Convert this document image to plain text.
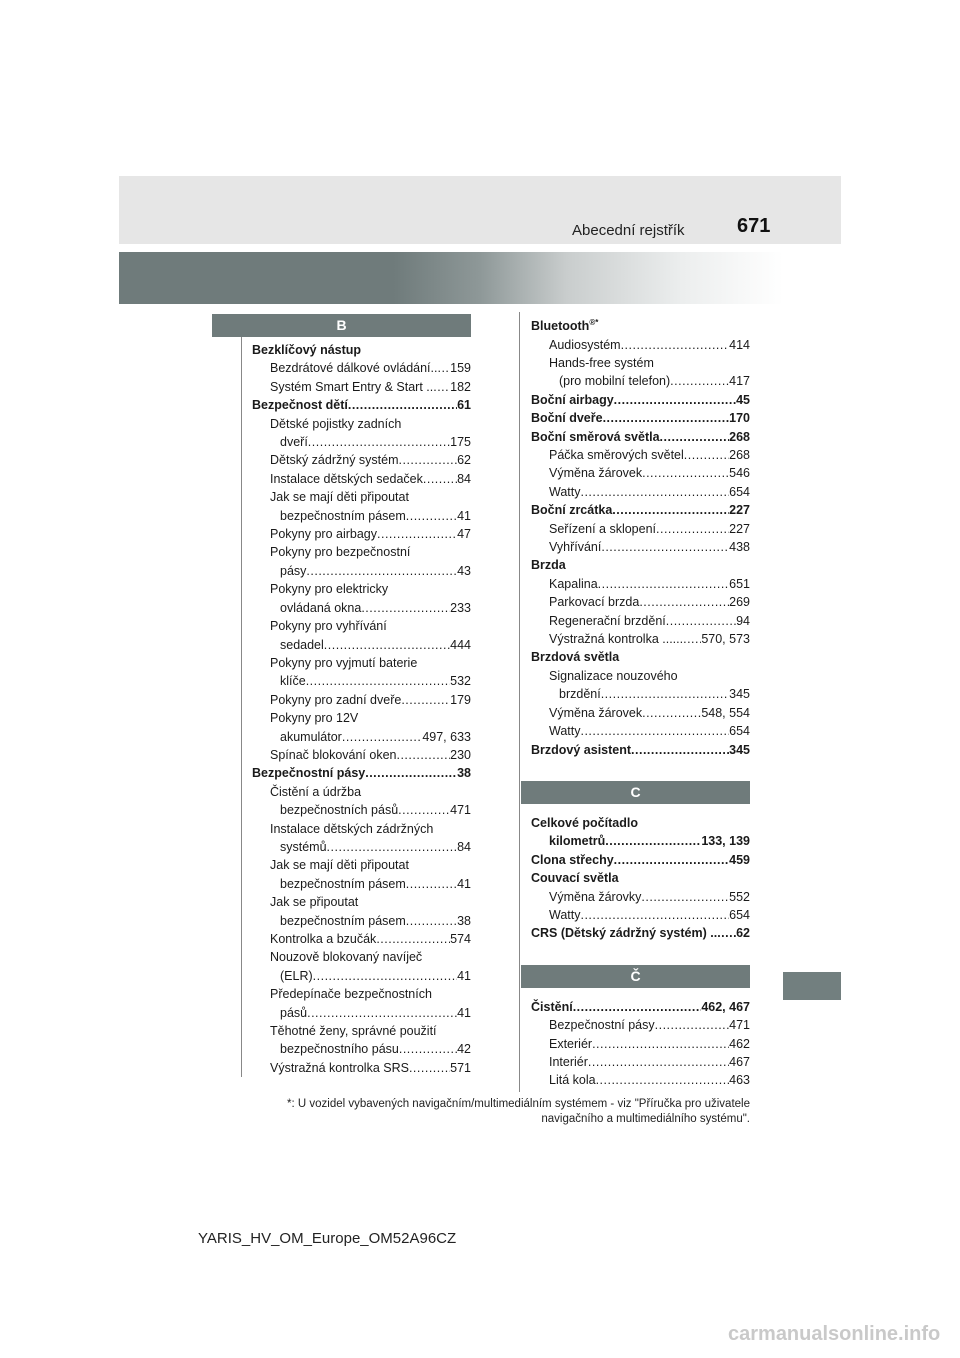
Abecední rejstřík	671
B
Bezklíčový nástup
Bezdrátové dálkové ovládání.. ..... 159
Systém Smart Entry & Start .. ..... 182
Bezpečnost dětí .....	61
Dětské pojistky zadních
dveří .....	175
Dětský zádržný systém .....	62
Instalace dětských sedaček .....	84
Jak se mají děti připoutat
bezpečnostním pásem .....	41
Pokyny pro airbagy .....	47
Pokyny pro bezpečnostní
pásy .....	43
Pokyny pro elektricky
ovládaná okna .....	233
Pokyny pro vyhřívání
sedadel .....	444
Pokyny pro vyjmutí baterie
klíče .....	532
Pokyny pro zadní dveře .....	179
Pokyny pro 12V
akumulátor .....	497, 633
Spínač blokování oken .....	230
Bezpečnostní pásy .....	38
Čistění a údržba
bezpečnostních pásů .....	471
Instalace dětských zádržných
systémů .....	84
Jak se mají děti připoutat
bezpečnostním pásem .....	41
Jak se připoutat
bezpečnostním pásem .....	38
Kontrolka a bzučák .....	574
Nouzově blokovaný navíječ
(ELR) .....	41
Předepínače bezpečnostních
pásů .....	41
Těhotné ženy, správné použití
bezpečnostního pásu .....	42
Výstražná kontrolka SRS .....	571
Bluetooth®*
Audiosystém .....	414
Hands-free systém
(pro mobilní telefon) .....	417
Boční airbagy .....	45
Boční dveře .....	170
Boční směrová světla .....	268
Páčka směrových světel .....	268
Výměna žárovek .....	546
Watty .....	654
Boční zrcátka .....	227
Seřízení a sklopení .....	227
Vyhřívání .....	438
Brzda
Kapalina .....	651
Parkovací brzda .....	269
Regenerační brzdění .....	94
Výstražná kontrolka ...... ..... 570, 573
Brzdová světla
Signalizace nouzového
brzdění .....	345
Výměna žárovek .....	548, 554
Watty .....	654
Brzdový asistent .....	345
C
Celkové počítadlo
kilometrů .....	133, 139
Clona střechy .....	459
Couvací světla
Výměna žárovky .....	552
Watty .....	654
CRS (Dětský zádržný systém) .. ..... 62
Č
Čistění .....	462, 467
Bezpečnostní pásy .....	471
Exteriér .....	462
Interiér .....	467
Litá kola .....	463
*: U vozidel vybavených navigačním/multimediálním systémem - viz "Příručka pro uživatele navigačního a multimediálního systému".
YARIS_HV_OM_Europe_OM52A96CZ
carmanualsonline.info
